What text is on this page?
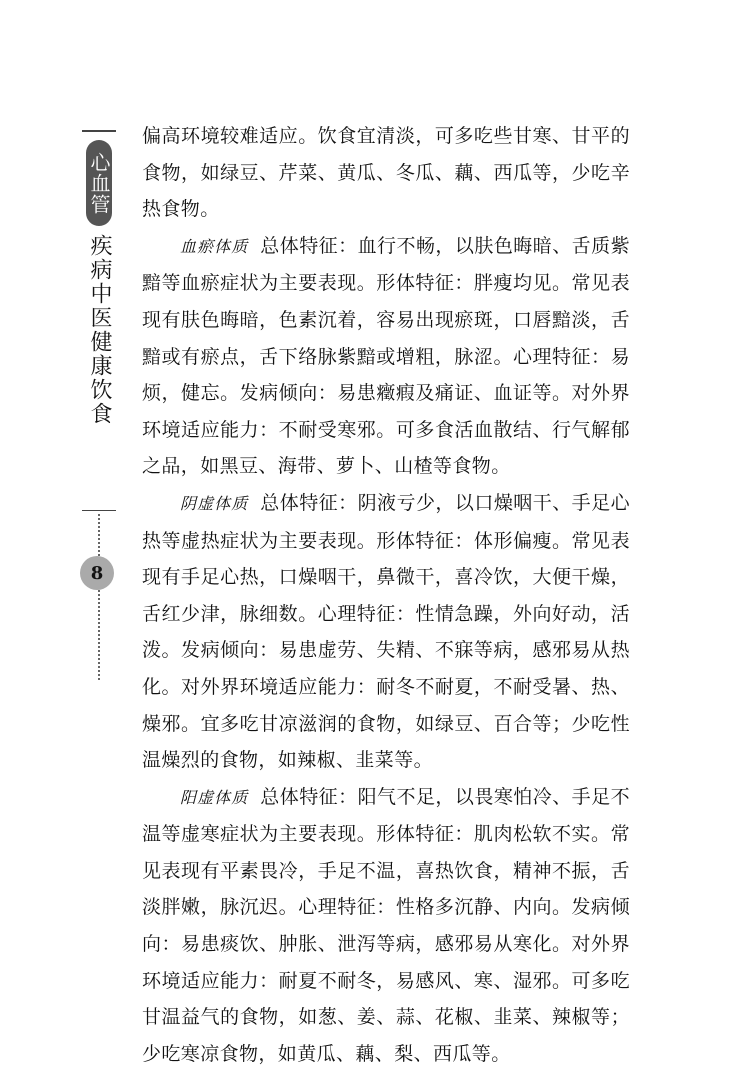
心血管
疾病中医健康饮食
8

偏高环境较难适应。饮食宜清淡，可多吃些甘寒、甘平的食物，如绿豆、芹菜、黄瓜、冬瓜、藕、西瓜等，少吃辛热食物。

血瘀体质 总体特征：血行不畅，以肤色晦暗、舌质紫黯等血瘀症状为主要表现。形体特征：胖瘦均见。常见表现有肤色晦暗，色素沉着，容易出现瘀斑，口唇黯淡，舌黯或有瘀点，舌下络脉紫黯或增粗，脉涩。心理特征：易烦，健忘。发病倾向：易患癥瘕及痛证、血证等。对外界环境适应能力：不耐受寒邪。可多食活血散结、行气解郁之品，如黑豆、海带、萝卜、山楂等食物。

阴虚体质 总体特征：阴液亏少，以口燥咽干、手足心热等虚热症状为主要表现。形体特征：体形偏瘦。常见表现有手足心热，口燥咽干，鼻微干，喜冷饮，大便干燥，舌红少津，脉细数。心理特征：性情急躁，外向好动，活泼。发病倾向：易患虚劳、失精、不寐等病，感邪易从热化。对外界环境适应能力：耐冬不耐夏，不耐受暑、热、燥邪。宜多吃甘凉滋润的食物，如绿豆、百合等；少吃性温燥烈的食物，如辣椒、韭菜等。

阳虚体质 总体特征：阳气不足，以畏寒怕冷、手足不温等虚寒症状为主要表现。形体特征：肌肉松软不实。常见表现有平素畏冷，手足不温，喜热饮食，精神不振，舌淡胖嫩，脉沉迟。心理特征：性格多沉静、内向。发病倾向：易患痰饮、肿胀、泄泻等病，感邪易从寒化。对外界环境适应能力：耐夏不耐冬，易感风、寒、湿邪。可多吃甘温益气的食物，如葱、姜、蒜、花椒、韭菜、辣椒等；少吃寒凉食物，如黄瓜、藕、梨、西瓜等。
